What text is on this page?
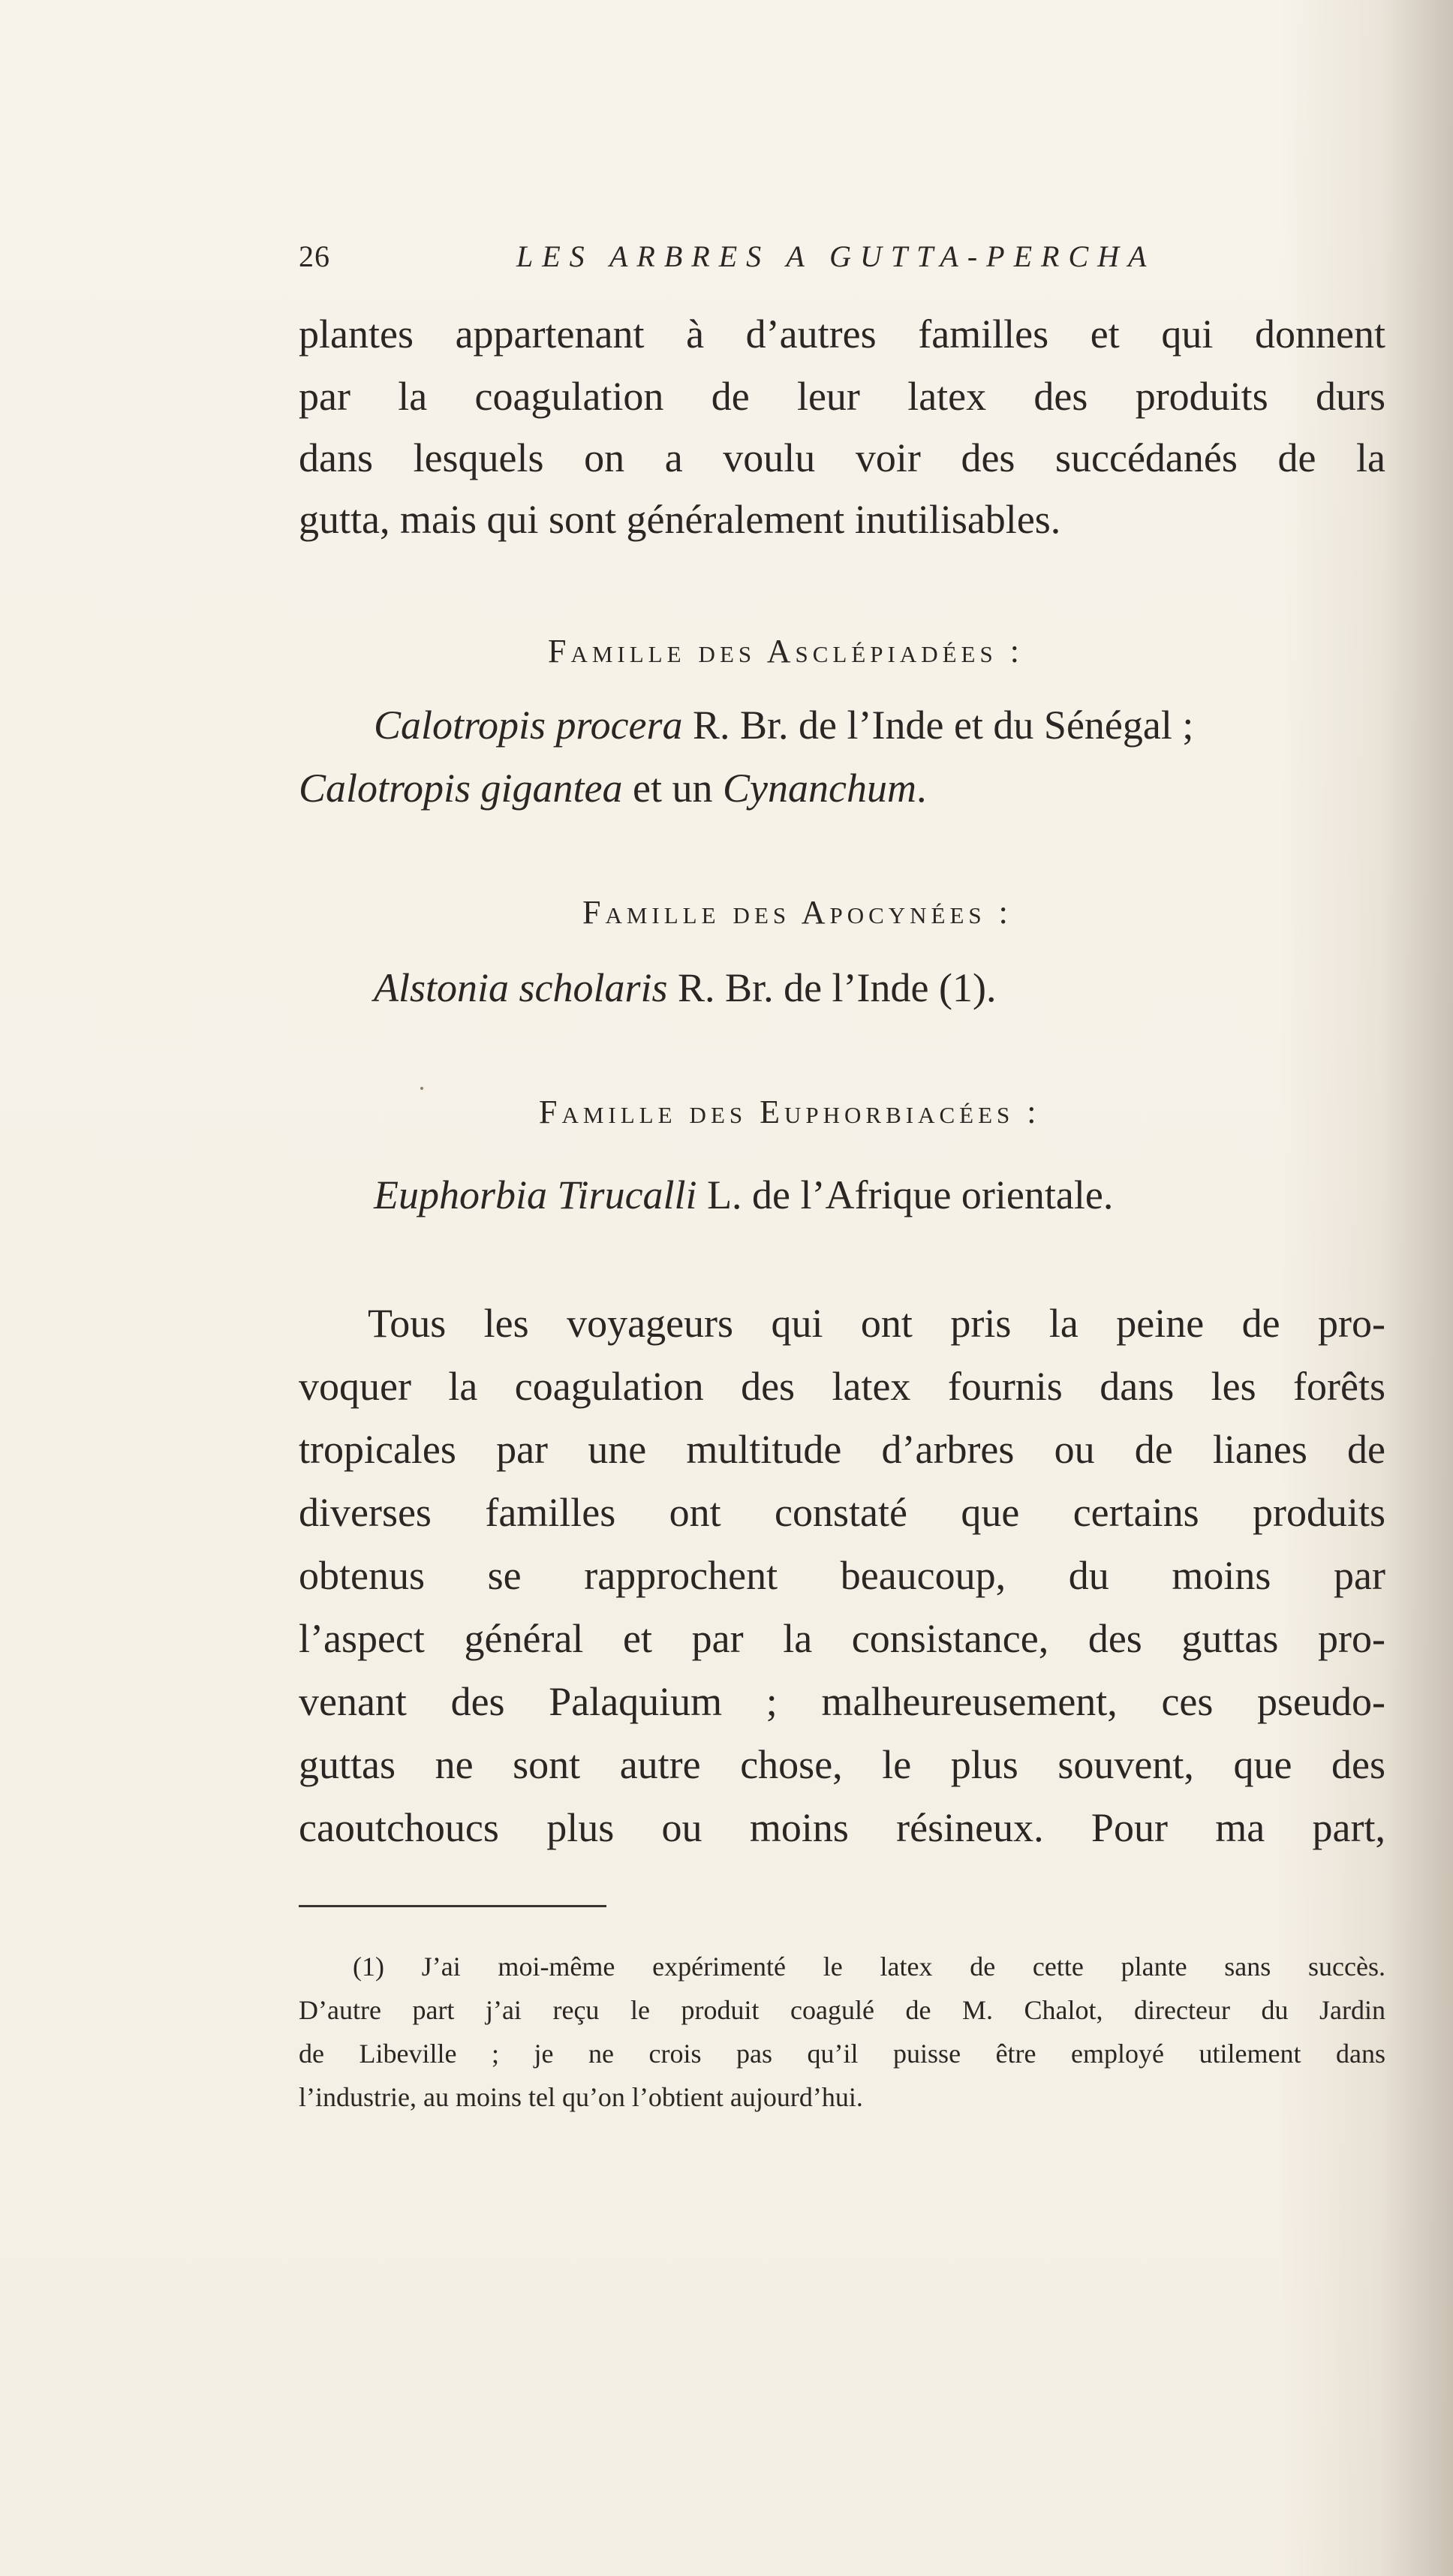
26	LES ARBRES A GUTTA-PERCHA
plantes appartenant à d’autres familles et qui donnent
par la coagulation de leur latex des produits durs
dans lesquels on a voulu voir des succédanés de la
gutta, mais qui sont généralement inutilisables.
Famille des Asclépiadées :
Calotropis procera R. Br. de l’Inde et du Sénégal ;
Calotropis gigantea et un Cynanchum.
Famille des Apocynées :
Alstonia scholaris R. Br. de l’Inde (1).
Famille des Euphorbiacées :
Euphorbia Tirucalli L. de l’Afrique orientale.
Tous les voyageurs qui ont pris la peine de pro-
voquer la coagulation des latex fournis dans les forêts
tropicales par une multitude d’arbres ou de lianes de
diverses familles ont constaté que certains produits
obtenus se rapprochent beaucoup, du moins par
l’aspect général et par la consistance, des guttas pro-
venant des Palaquium ; malheureusement, ces pseudo-
guttas ne sont autre chose, le plus souvent, que des
caoutchoucs plus ou moins résineux. Pour ma part,
(1) J’ai moi-même expérimenté le latex de cette plante sans succès.
D’autre part j’ai reçu le produit coagulé de M. Chalot, directeur du Jardin
de Libeville ; je ne crois pas qu’il puisse être employé utilement dans
l’industrie, au moins tel qu’on l’obtient aujourd’hui.
